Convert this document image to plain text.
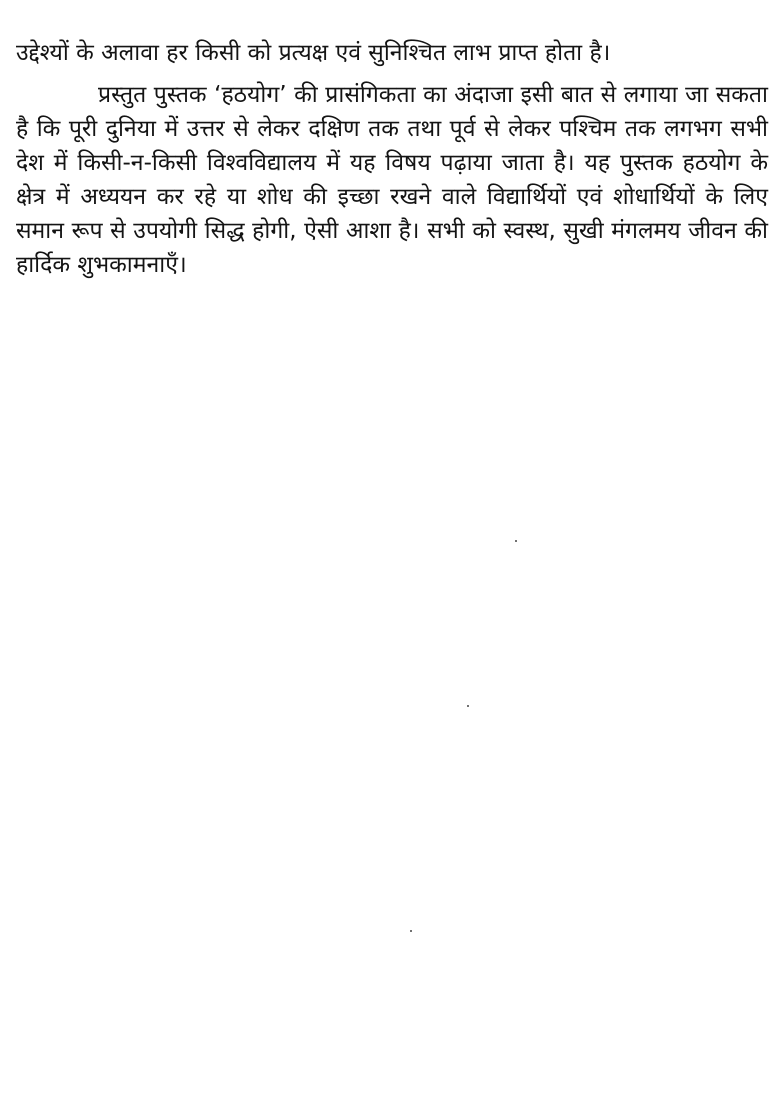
उद्देश्यों के अलावा हर किसी को प्रत्यक्ष एवं सुनिश्चित लाभ प्राप्त होता है।

प्रस्तुत पुस्तक ‘हठयोग’ की प्रासंगिकता का अंदाजा इसी बात से लगाया जा सकता है कि पूरी दुनिया में उत्तर से लेकर दक्षिण तक तथा पूर्व से लेकर पश्चिम तक लगभग सभी देश में किसी-न-किसी विश्वविद्यालय में यह विषय पढ़ाया जाता है। यह पुस्तक हठयोग के क्षेत्र में अध्ययन कर रहे या शोध की इच्छा रखने वाले विद्यार्थियों एवं शोधार्थियों के लिए समान रूप से उपयोगी सिद्ध होगी, ऐसी आशा है। सभी को स्वस्थ, सुखी मंगलमय जीवन की हार्दिक शुभकामनाएँ।
